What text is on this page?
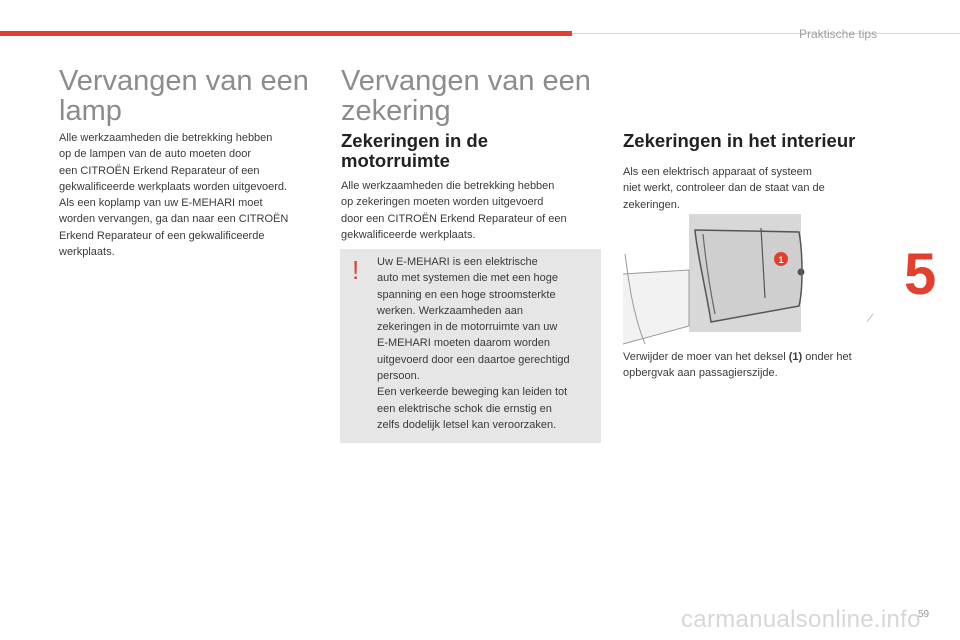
Praktische tips
Vervangen van een
lamp

Alle werkzaamheden die betrekking hebben
op de lampen van de auto moeten door
een CITROËN Erkend Reparateur of een
gekwalificeerde werkplaats worden uitgevoerd.
Als een koplamp van uw E-MEHARI moet
worden vervangen, ga dan naar een CITROËN
Erkend Reparateur of een gekwalificeerde
werkplaats.

Vervangen van een
zekering
Zekeringen in de
motorruimte

Alle werkzaamheden die betrekking hebben
op zekeringen moeten worden uitgevoerd
door een CITROËN Erkend Reparateur of een
gekwalificeerde werkplaats.

! Uw E-MEHARI is een elektrische
auto met systemen die met een hoge
spanning en een hoge stroomsterkte
werken. Werkzaamheden aan
zekeringen in de motorruimte van uw
E-MEHARI moeten daarom worden
uitgevoerd door een daartoe gerechtigd
persoon.
Een verkeerde beweging kan leiden tot
een elektrische schok die ernstig en
zelfs dodelijk letsel kan veroorzaken.

Zekeringen in het interieur

Als een elektrisch apparaat of systeem
niet werkt, controleer dan de staat van de
zekeringen.

1

Verwijder de moer van het deksel (1) onder het
opbergvak aan passagierszijde.

5
carmanualsonline.info
59
